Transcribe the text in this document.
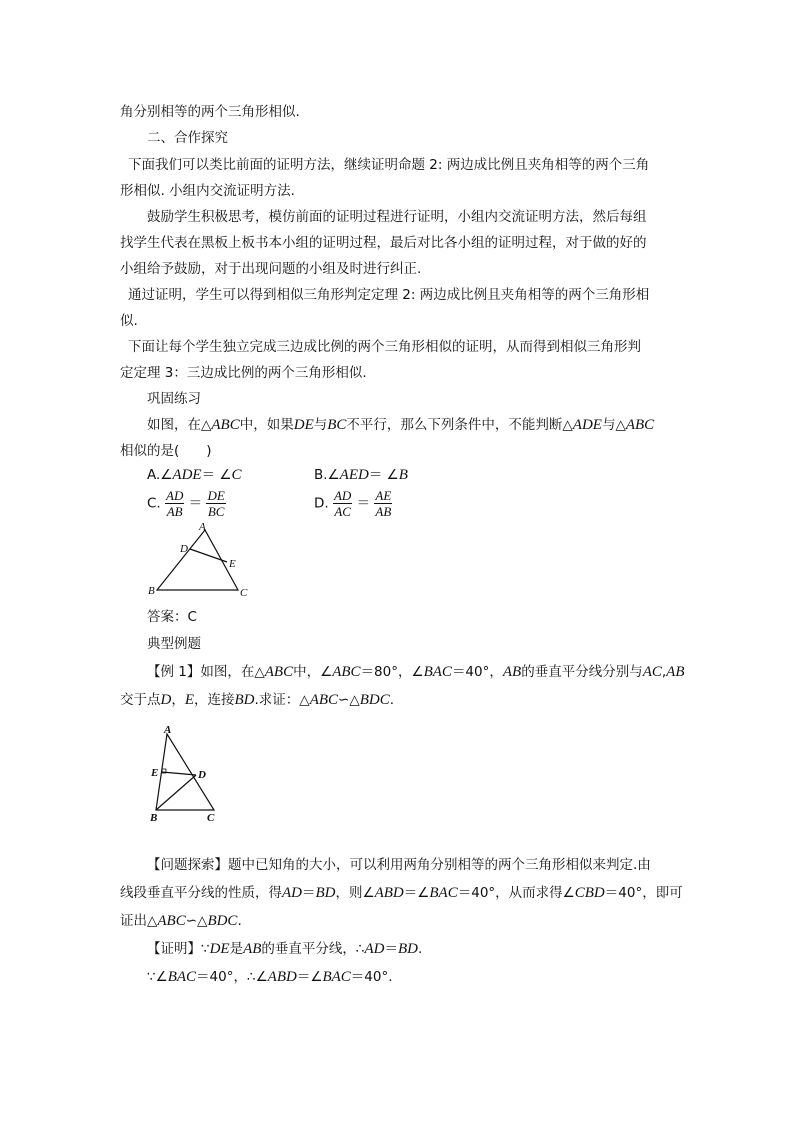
角分别相等的两个三角形相似.
二、合作探究
下面我们可以类比前面的证明方法，继续证明命题 2: 两边成比例且夹角相等的两个三角
形相似. 小组内交流证明方法.
鼓励学生积极思考，模仿前面的证明过程进行证明，小组内交流证明方法，然后每组
找学生代表在黑板上板书本小组的证明过程，最后对比各小组的证明过程，对于做的好的
小组给予鼓励，对于出现问题的小组及时进行纠正.
通过证明，学生可以得到相似三角形判定定理 2: 两边成比例且夹角相等的两个三角形相
似.
下面让每个学生独立完成三边成比例的两个三角形相似的证明，从而得到相似三角形判
定定理 3：三边成比例的两个三角形相似.
巩固练习
如图，在△ABC中，如果DE与BC不平行，那么下列条件中，不能判断△ADE与△ABC
相似的是(　　)
A.∠ADE＝ ∠C	B.∠AED＝ ∠B
C. $\frac{AD}{AB} = \frac{DE}{BC}$	D. $\frac{AD}{AC} = \frac{AE}{AB}$
A
B	C
D
E
答案：C
典型例题
【例 1】如图，在△ABC中，∠ABC＝80°，∠BAC＝40°，AB的垂直平分线分别与AC,AB
交于点D，E，连接BD.求证：△ABC∽△BDC.
A
B	C
D
E
【问题探索】题中已知角的大小，可以利用两角分别相等的两个三角形相似来判定.由
线段垂直平分线的性质，得AD＝BD，则∠ABD＝∠BAC＝40°，从而求得∠CBD＝40°，即可
证出△ABC∽△BDC.
【证明】∵DE是AB的垂直平分线，∴AD＝BD.
∵∠BAC＝40°，∴∠ABD＝∠BAC＝40°.
